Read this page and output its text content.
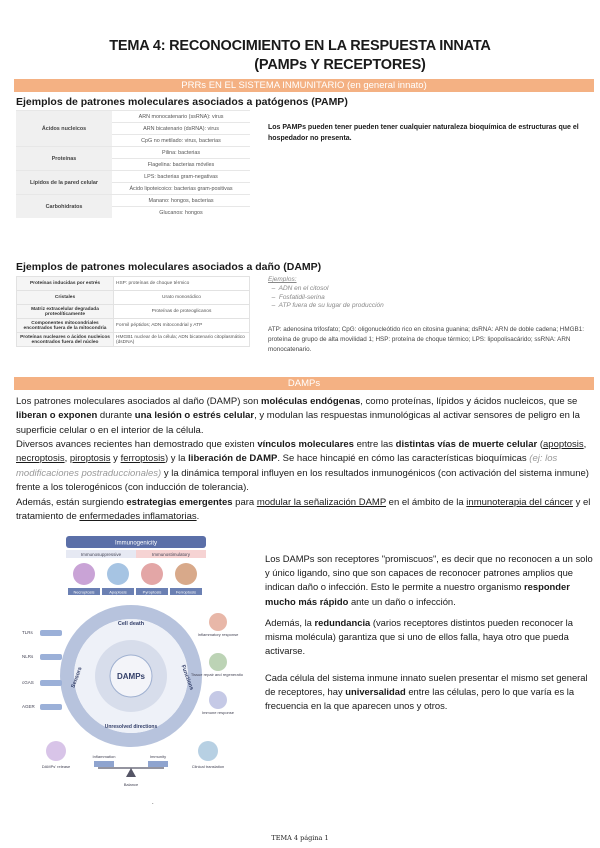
TEMA 4: RECONOCIMIENTO EN LA RESPUESTA INNATA
(PAMPs Y RECEPTORES)
PRRs EN EL SISTEMA INMUNITARIO (en general innato)
Ejemplos de patrones moleculares asociados a patógenos (PAMP)
Ácidos nucleicos	ARN monocatenario (ssRNA): virus
	ARN bicatenario (dsRNA): virus
	CpG no metilado: virus, bacterias
Proteínas	Pilina: bacterias
	Flagelina: bacterias móviles
Lípidos de la pared celular	LPS: bacterias gram-negativas
	Ácido lipoteicoico: bacterias gram-positivas
Carbohidratos	Manano: hongos, bacterias
	Glucanos: hongos
Los PAMPs pueden tener pueden tener cualquier naturaleza bioquímica de estructuras que el hospedador no presenta.
Ejemplos de patrones moleculares asociados a daño (DAMP)
Proteínas inducidas por estrés	HSP: proteínas de choque térmico
Cristales	Urato monosódico
Matriz extracelular degradada proteolíticamente	Proteínas de proteoglicanos
Componentes mitocondriales encontrados fuera de la mitocondria	Formil péptidos; ADN mitocondrial y ATP
Proteínas nucleares o ácidos nucleicos encontrados fuera del núcleo	HMGB1 nuclear de la célula; ADN bicatenario citoplasmático (dsDNA)
Ejemplos:
–  ADN en el citosol
–  Fosfatidil-serina
–  ATP fuera de su lugar de producción
ATP: adenosina trifosfato; CpG: oligonucleótido rico en citosina guanina; dsRNA: ARN de doble cadena; HMGB1: proteína de grupo de alta movilidad 1; HSP: proteína de choque térmico; LPS: lipopolisacárido; ssRNA: ARN monocatenario.
DAMPs
Los patrones moleculares asociados al daño (DAMP) son moléculas endógenas, como proteínas, lípidos y ácidos nucleicos, que se liberan o exponen durante una lesión o estrés celular, y modulan las respuestas inmunológicas al activar sensores de peligro en la superficie celular o en el interior de la célula.
Diversos avances recientes han demostrado que existen vínculos moleculares entre las distintas vías de muerte celular (apoptosis, necroptosis, piroptosis y ferroptosis) y la liberación de DAMP. Se hace hincapié en cómo las características bioquímicas (ej: los modificaciones postraduccionales) y la dinámica temporal influyen en los resultados inmunogénicos (con activación del sistema inmune) frente a los tolerogénicos (con inducción de tolerancia).
Además, están surgiendo estrategias emergentes para modular la señalización DAMP en el ámbito de la inmunoterapia del cáncer y el tratamiento de enfermedades inflamatorias.
Immunogenicity
Immunosuppressive	Immunostimulatory
Necroptosis	Apoptosis	Pyroptosis	Ferroptosis
DAMPs
Cell death
Sensors	Functions
Unresolved directions
TLRs
NLRs
cGAS
AGER
Inflammatory response
Tissue repair and regeneration
Immune response
DAMPs' release	Clinical translation
Inflammation	Immunity
Balance
Los DAMPs son receptores "promiscuos", es decir que no reconocen a un solo y único ligando, sino que son capaces de reconocer patrones amplios que indican daño o infección. Esto le permite a nuestro organismo responder mucho más rápido ante un daño o infección.
Además, la redundancia (varios receptores distintos pueden reconocer la misma molécula) garantiza que si uno de ellos falla, haya otro que pueda activarse.
Cada célula del sistema inmune innato suelen presentar el mismo set general de receptores, hay universalidad entre las células, pero lo que varía es la frecuencia en la que aparecen unos y otros.
.
TEMA 4 página 1
